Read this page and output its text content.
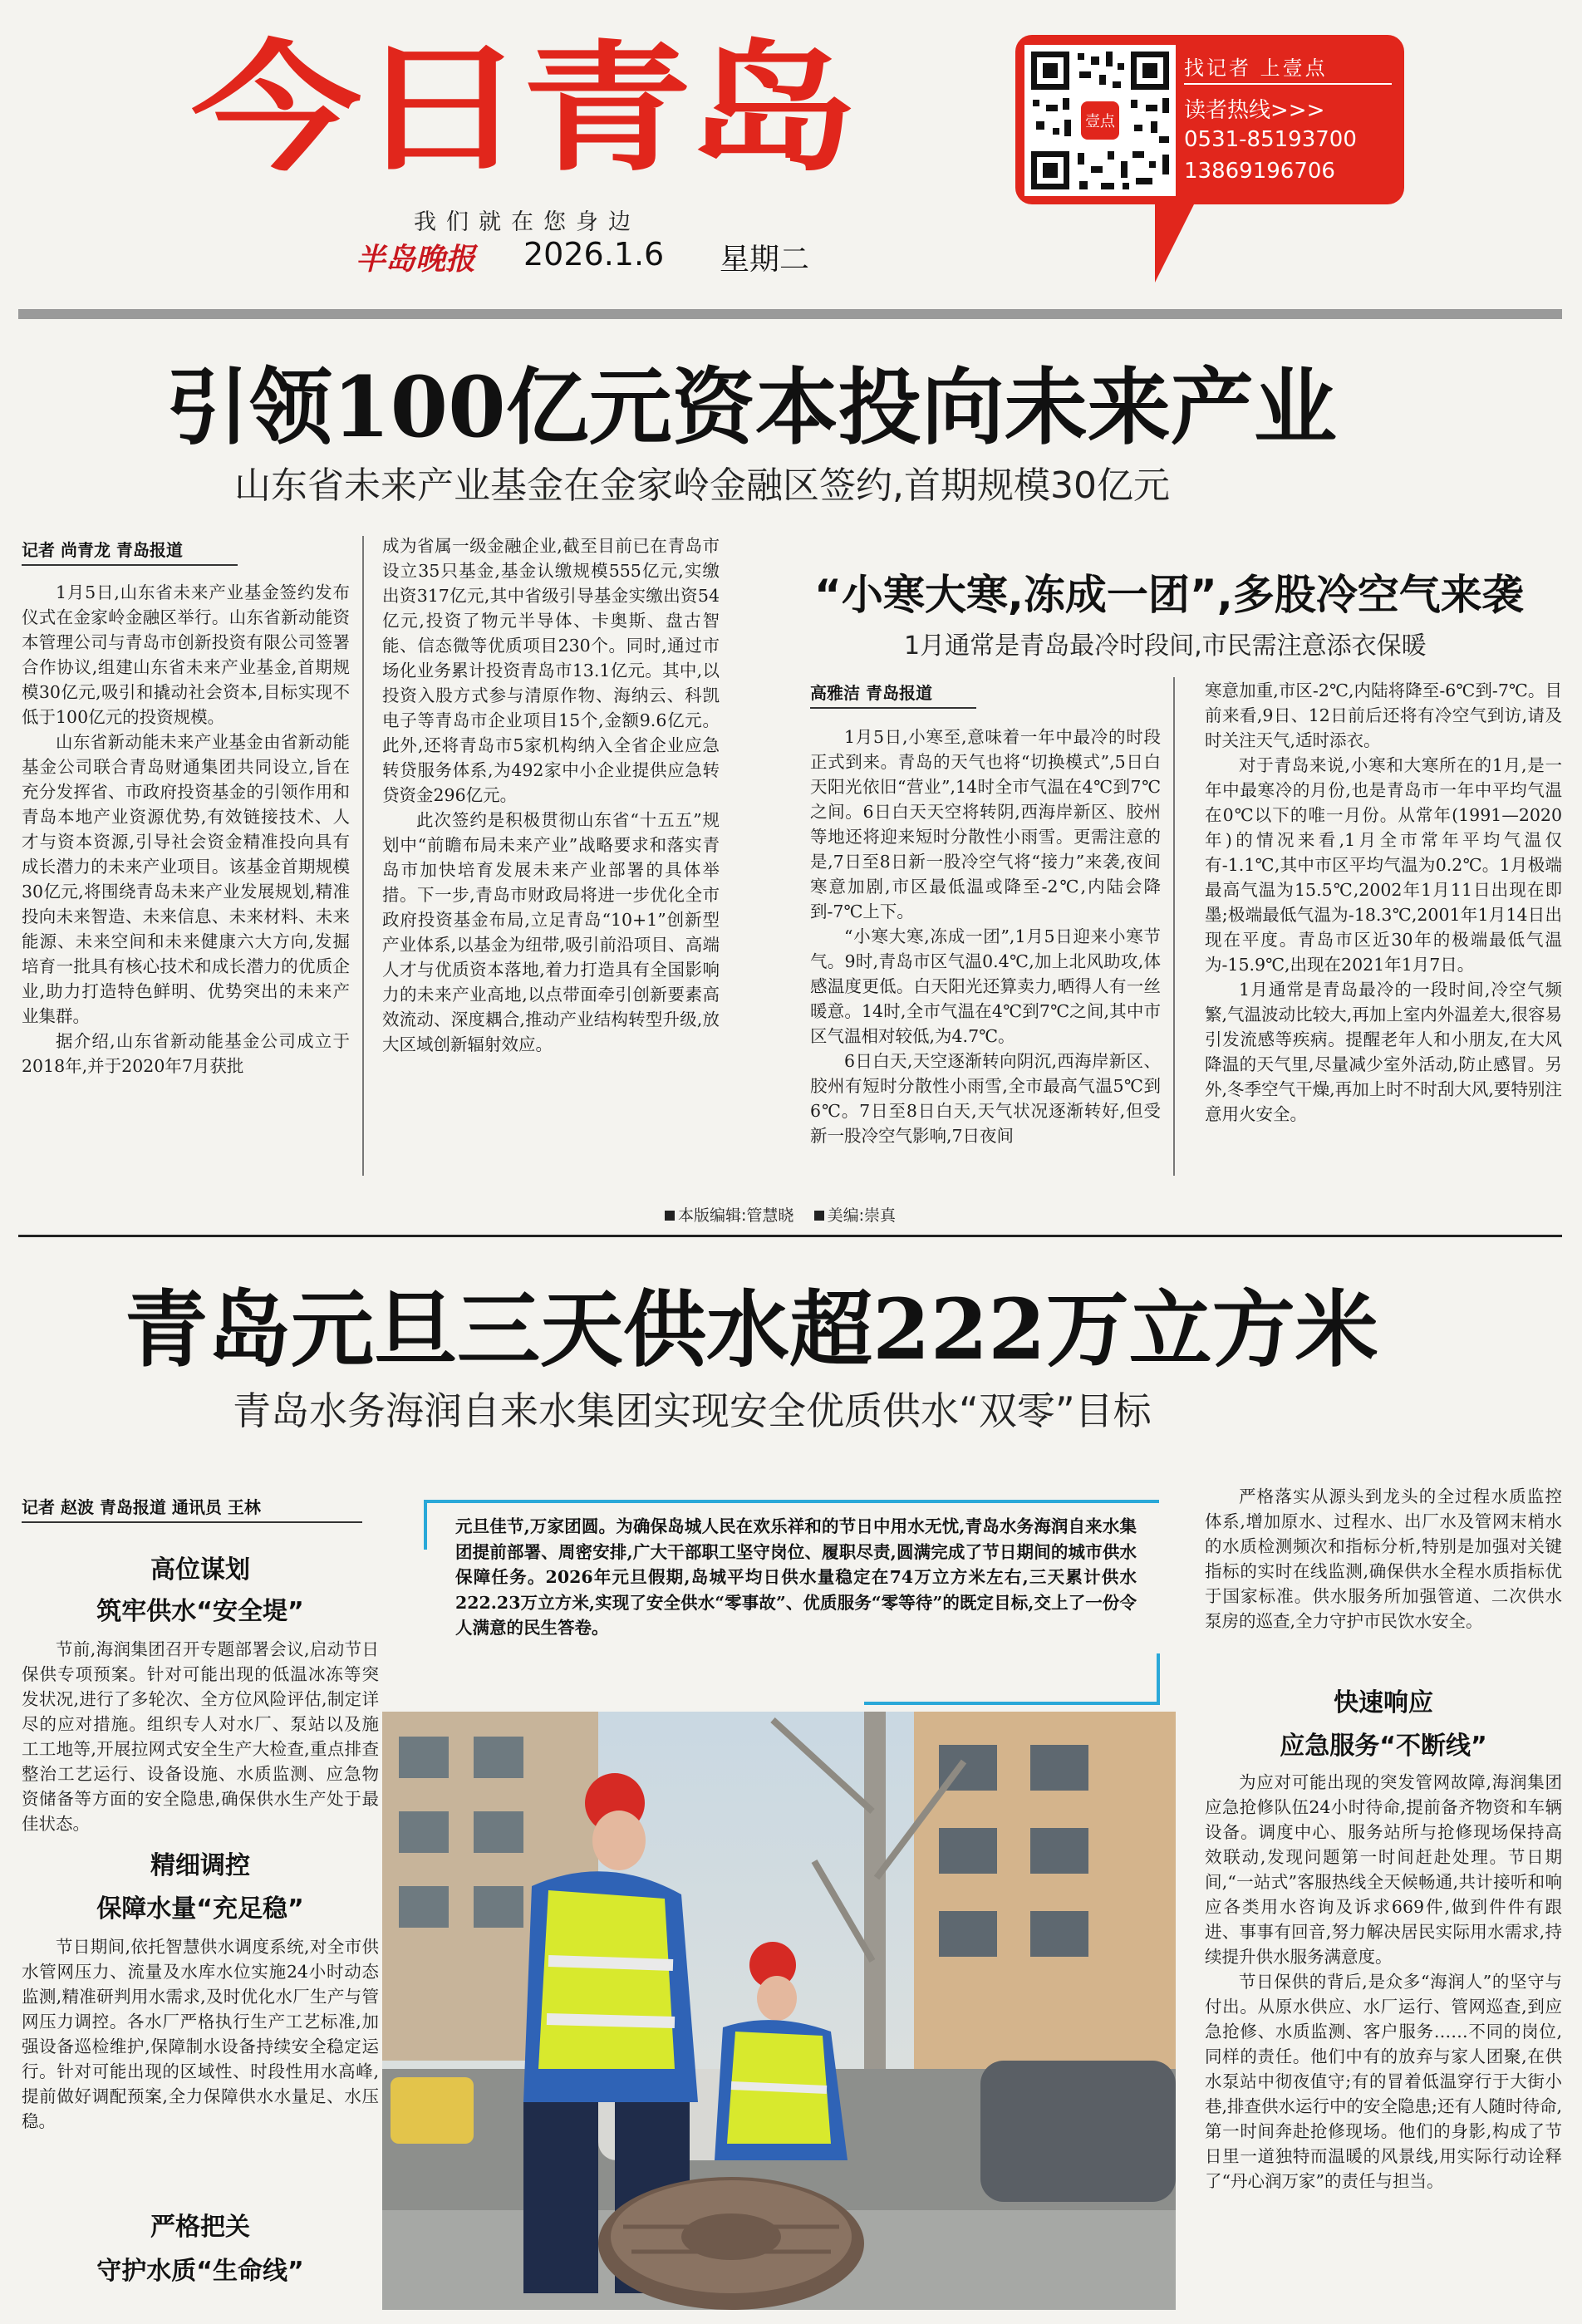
今日青岛
我们就在您身边
半岛晚报 2026.1.6 星期二
壹点
找记者 上壹点
读者热线>>>
0531-85193700
13869196706
引领100亿元资本投向未来产业
山东省未来产业基金在金家岭金融区签约,首期规模30亿元
记者 尚青龙 青岛报道

1月5日,山东省未来产业基金签约发布仪式在金家岭金融区举行。山东省新动能资本管理公司与青岛市创新投资有限公司签署合作协议,组建山东省未来产业基金,首期规模30亿元,吸引和撬动社会资本,目标实现不低于100亿元的投资规模。

山东省新动能未来产业基金由省新动能基金公司联合青岛财通集团共同设立,旨在充分发挥省、市政府投资基金的引领作用和青岛本地产业资源优势,有效链接技术、人才与资本资源,引导社会资金精准投向具有成长潜力的未来产业项目。该基金首期规模30亿元,将围绕青岛未来产业发展规划,精准投向未来智造、未来信息、未来材料、未来能源、未来空间和未来健康六大方向,发掘培育一批具有核心技术和成长潜力的优质企业,助力打造特色鲜明、优势突出的未来产业集群。

据介绍,山东省新动能基金公司成立于2018年,并于2020年7月获批

成为省属一级金融企业,截至目前已在青岛市设立35只基金,基金认缴规模555亿元,实缴出资317亿元,其中省级引导基金实缴出资54亿元,投资了物元半导体、卡奥斯、盘古智能、信态微等优质项目230个。同时,通过市场化业务累计投资青岛市13.1亿元。其中,以投资入股方式参与清原作物、海纳云、科凯电子等青岛市企业项目15个,金额9.6亿元。此外,还将青岛市5家机构纳入全省企业应急转贷服务体系,为492家中小企业提供应急转贷资金296亿元。

此次签约是积极贯彻山东省“十五五”规划中“前瞻布局未来产业”战略要求和落实青岛市加快培育发展未来产业部署的具体举措。下一步,青岛市财政局将进一步优化全市政府投资基金布局,立足青岛“10+1”创新型产业体系,以基金为纽带,吸引前沿项目、高端人才与优质资本落地,着力打造具有全国影响力的未来产业高地,以点带面牵引创新要素高效流动、深度耦合,推动产业结构转型升级,放大区域创新辐射效应。

“小寒大寒,冻成一团”,多股冷空气来袭
1月通常是青岛最冷时段间,市民需注意添衣保暖
高雅洁 青岛报道

1月5日,小寒至,意味着一年中最冷的时段正式到来。青岛的天气也将“切换模式”,5日白天阳光依旧“营业”,14时全市气温在4℃到7℃之间。6日白天天空将转阴,西海岸新区、胶州等地还将迎来短时分散性小雨雪。更需注意的是,7日至8日新一股冷空气将“接力”来袭,夜间寒意加剧,市区最低温或降至-2℃,内陆会降到-7℃上下。

“小寒大寒,冻成一团”,1月5日迎来小寒节气。9时,青岛市区气温0.4℃,加上北风助攻,体感温度更低。白天阳光还算卖力,晒得人有一丝暖意。14时,全市气温在4℃到7℃之间,其中市区气温相对较低,为4.7℃。

6日白天,天空逐渐转向阴沉,西海岸新区、胶州有短时分散性小雨雪,全市最高气温5℃到6℃。7日至8日白天,天气状况逐渐转好,但受新一股冷空气影响,7日夜间

寒意加重,市区-2℃,内陆将降至-6℃到-7℃。目前来看,9日、12日前后还将有冷空气到访,请及时关注天气,适时添衣。

对于青岛来说,小寒和大寒所在的1月,是一年中最寒冷的月份,也是青岛市一年中平均气温在0℃以下的唯一月份。从常年(1991—2020年)的情况来看,1月全市常年平均气温仅有-1.1℃,其中市区平均气温为0.2℃。1月极端最高气温为15.5℃,2002年1月11日出现在即墨;极端最低气温为-18.3℃,2001年1月14日出现在平度。青岛市区近30年的极端最低气温为-15.9℃,出现在2021年1月7日。

1月通常是青岛最冷的一段时间,冷空气频繁,气温波动比较大,再加上室内外温差大,很容易引发流感等疾病。提醒老年人和小朋友,在大风降温的天气里,尽量减少室外活动,防止感冒。另外,冬季空气干燥,再加上时不时刮大风,要特别注意用火安全。

本版编辑:管慧晓 美编:崇真
青岛元旦三天供水超222万立方米
青岛水务海润自来水集团实现安全优质供水“双零”目标
记者 赵波 青岛报道 通讯员 王林
高位谋划
筑牢供水“安全堤”

节前,海润集团召开专题部署会议,启动节日保供专项预案。针对可能出现的低温冰冻等突发状况,进行了多轮次、全方位风险评估,制定详尽的应对措施。组织专人对水厂、泵站以及施工工地等,开展拉网式安全生产大检查,重点排查整治工艺运行、设备设施、水质监测、应急物资储备等方面的安全隐患,确保供水生产处于最佳状态。

精细调控
保障水量“充足稳”

节日期间,依托智慧供水调度系统,对全市供水管网压力、流量及水库水位实施24小时动态监测,精准研判用水需求,及时优化水厂生产与管网压力调控。各水厂严格执行生产工艺标准,加强设备巡检维护,保障制水设备持续安全稳定运行。针对可能出现的区域性、时段性用水高峰,提前做好调配预案,全力保障供水水量足、水压稳。

严格把关
守护水质“生命线”
元旦佳节,万家团圆。为确保岛城人民在欢乐祥和的节日中用水无忧,青岛水务海润自来水集团提前部署、周密安排,广大干部职工坚守岗位、履职尽责,圆满完成了节日期间的城市供水保障任务。2026年元旦假期,岛城平均日供水量稳定在74万立方米左右,三天累计供水222.23万立方米,实现了安全供水“零事故”、优质服务“零等待”的既定目标,交上了一份令人满意的民生答卷。

严格落实从源头到龙头的全过程水质监控体系,增加原水、过程水、出厂水及管网末梢水的水质检测频次和指标分析,特别是加强对关键指标的实时在线监测,确保供水全程水质指标优于国家标准。供水服务所加强管道、二次供水泵房的巡查,全力守护市民饮水安全。

快速响应
应急服务“不断线”

为应对可能出现的突发管网故障,海润集团应急抢修队伍24小时待命,提前备齐物资和车辆设备。调度中心、服务站所与抢修现场保持高效联动,发现问题第一时间赶赴处理。节日期间,“一站式”客服热线全天候畅通,共计接听和响应各类用水咨询及诉求669件,做到件件有跟进、事事有回音,努力解决居民实际用水需求,持续提升供水服务满意度。

节日保供的背后,是众多“海润人”的坚守与付出。从原水供应、水厂运行、管网巡查,到应急抢修、水质监测、客户服务……不同的岗位,同样的责任。他们中有的放弃与家人团聚,在供水泵站中彻夜值守;有的冒着低温穿行于大街小巷,排查供水运行中的安全隐患;还有人随时待命,第一时间奔赴抢修现场。他们的身影,构成了节日里一道独特而温暖的风景线,用实际行动诠释了“丹心润万家”的责任与担当。
